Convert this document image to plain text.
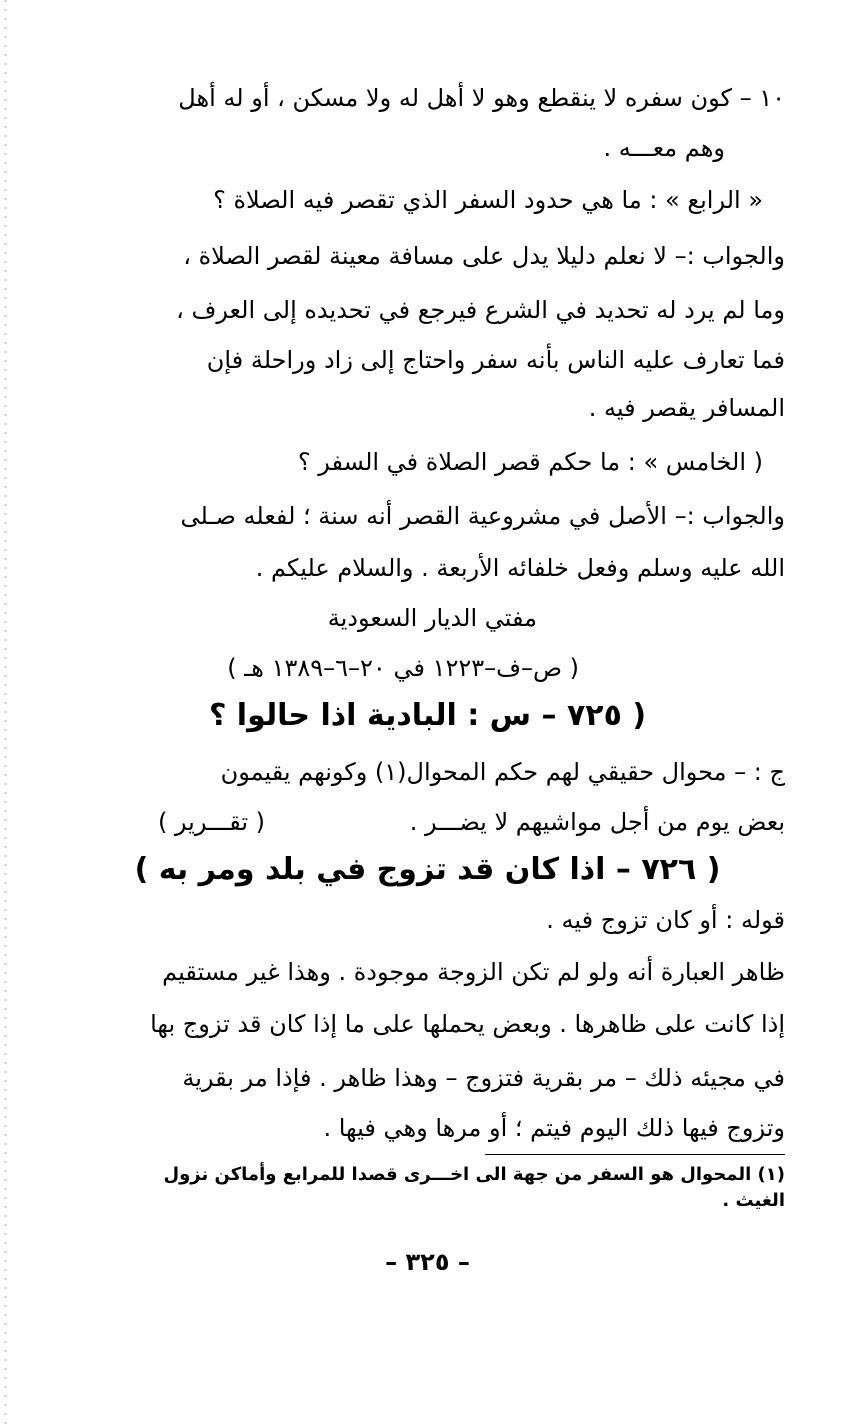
١٠ – كون سفره لا ينقطع وهو لا أهل له ولا مسكن ، أو له أهل
وهم معـــه .
« الرابع » : ما هي حدود السفر الذي تقصر فيه الصلاة ؟
والجواب :– لا نعلم دليلا يدل على مسافة معينة لقصر الصلاة ،
وما لم يرد له تحديد في الشرع فيرجع في تحديده إلى العرف ،
فما تعارف عليه الناس بأنه سفر واحتاج إلى زاد وراحلة فإن
المسافر يقصر فيه .
( الخامس » : ما حكم قصر الصلاة في السفر ؟
والجواب :– الأصل في مشروعية القصر أنه سنة ؛ لفعله صـلى
الله عليه وسلم وفعل خلفائه الأربعة . والسلام عليكم .
مفتي الديار السعودية
( ص–ف–١٢٢٣ في ٢٠–٦–١٣٨٩ هـ )
( ٧٢٥ – س : البادية اذا حالوا ؟
ج : – محوال حقيقي لهم حكم المحوال(١) وكونهم يقيمون
بعض يوم من أجل مواشيهم لا يضـــر .
( تقـــرير )
( ٧٢٦ – اذا كان قد تزوج في بلد ومر به )
قوله : أو كان تزوج فيه .
ظاهر العبارة أنه ولو لم تكن الزوجة موجودة . وهذا غير مستقيم
إذا كانت على ظاهرها . وبعض يحملها على ما إذا كان قد تزوج بها
في مجيئه ذلك – مر بقرية فتزوج – وهذا ظاهر . فإذا مر بقرية
وتزوج فيها ذلك اليوم فيتم ؛ أو مرها وهي فيها .
(١) المحوال هو السفر من جهة الى اخـــرى قصدا للمرابع وأماكن نزول الغيث .
– ٣٢٥ –
